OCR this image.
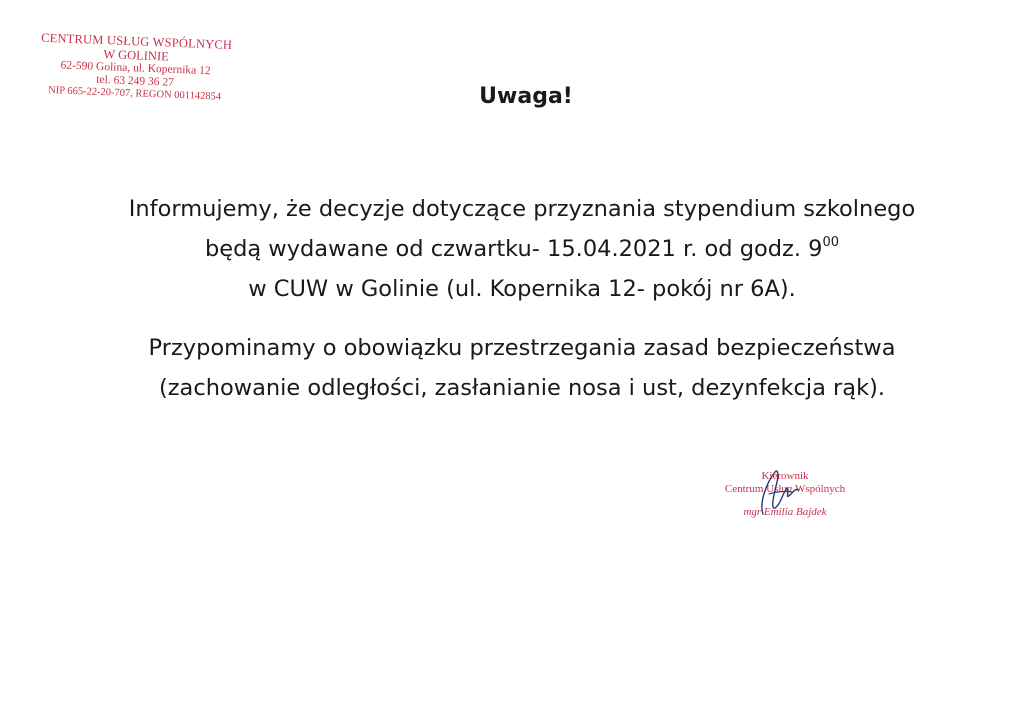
CENTRUM USŁUG WSPÓLNYCH
W GOLINIE
62-590 Golina, ul. Kopernika 12
tel. 63 249 36 27
NIP 665-22-20-707, REGON 001142854	Uwaga!
Informujemy, że decyzje dotyczące przyznania stypendium szkolnego
będą wydawane od czwartku- 15.04.2021 r. od godz. $9^{00}$
w CUW w Golinie (ul. Kopernika 12- pokój nr 6A).
Przypominamy o obowiązku przestrzegania zasad bezpieczeństwa
(zachowanie odległości, zasłanianie nosa i ust, dezynfekcja rąk).
Kierownik
Centrum Usług Wspólnych
mgr Emilia Bajdek
